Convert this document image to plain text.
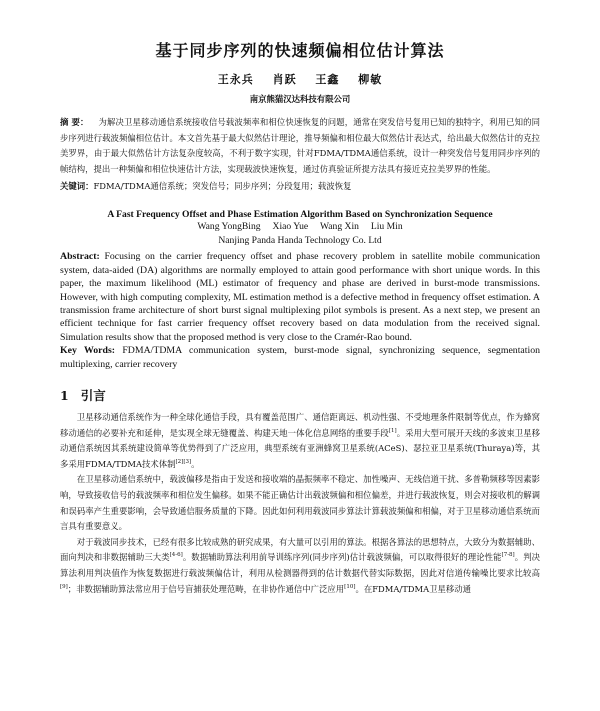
基于同步序列的快速频偏相位估计算法
王永兵 肖跃 王鑫 柳敏
南京熊猫汉达科技有限公司
摘 要： 为解决卫星移动通信系统接收信号载波频率和相位快速恢复的问题，通常在突发信号复用已知的独特字，利用已知的同步序列进行载波频偏相位估计。本文首先基于最大似然估计理论，推导频偏和相位最大似然估计表达式，给出最大似然估计的克拉美罗界，由于最大似然估计方法复杂度较高，不利于数字实现，针对FDMA/TDMA通信系统，设计一种突发信号复用同步序列的帧结构，提出一种频偏和相位快速估计方法，实现载波快速恢复，通过仿真验证所提方法具有接近克拉美罗界的性能。
关键词：FDMA/TDMA通信系统；突发信号；同步序列；分段复用；载波恢复
A Fast Frequency Offset and Phase Estimation Algorithm Based on Synchronization Sequence
Wang YongBing     Xiao Yue     Wang Xin     Liu Min
Nanjing Panda Handa Technology Co. Ltd
Abstract: Focusing on the carrier frequency offset and phase recovery problem in satellite mobile communication system, data-aided (DA) algorithms are normally employed to attain good performance with short unique words. In this paper, the maximum likelihood (ML) estimator of frequency and phase are derived in burst-mode transmissions. However, with high computing complexity, ML estimation method is a defective method in frequency offset estimation. A transmission frame architecture of short burst signal multiplexing pilot symbols is present. As a next step, we present an efficient technique for fast carrier frequency offset recovery based on data modulation from the received signal. Simulation results show that the proposed method is very close to the Cramér-Rao bound.
Key Words: FDMA/TDMA communication system, burst-mode signal, synchronizing sequence, segmentation multiplexing, carrier recovery
1 引言

卫星移动通信系统作为一种全球化通信手段，具有覆盖范围广、通信距离远、机动性强、不受地理条件限制等优点，作为蜂窝移动通信的必要补充和延伸，是实现全球无缝覆盖、构建天地一体化信息网络的重要手段[1]。采用大型可展开天线的多波束卫星移动通信系统因其系统建设简单等优势得到了广泛应用，典型系统有亚洲蜂窝卫星系统(ACeS)、瑟拉亚卫星系统(Thuraya)等，其多采用FDMA/TDMA技术体制[2][3]。

在卫星移动通信系统中，载波偏移是指由于发送和接收端的晶振频率不稳定、加性噪声、无线信道干扰、多普勒频移等因素影响，导致接收信号的载波频率和相位发生偏移。如果不能正确估计出载波频偏和相位偏差，并进行载波恢复，则会对接收机的解调和误码率产生重要影响，会导致通信服务质量的下降。因此如何利用载波同步算法计算载波频偏和相偏，对于卫星移动通信系统而言具有重要意义。

对于载波同步技术，已经有很多比较成熟的研究成果，有大量可以引用的算法。根据各算法的思想特点，大致分为数据辅助、面向判决和非数据辅助三大类[4-6]。数据辅助算法利用前导训练序列(同步序列)估计载波频偏，可以取得很好的理论性能[7-8]。判决算法利用判决值作为恢复数据进行载波频偏估计，利用从检测器得到的估计数据代替实际数据，因此对信道传输噪比要求比较高[9]；非数据辅助算法常应用于信号盲捕获处理范畴，在非协作通信中广泛应用[10]。在FDMA/TDMA卫星移动通
